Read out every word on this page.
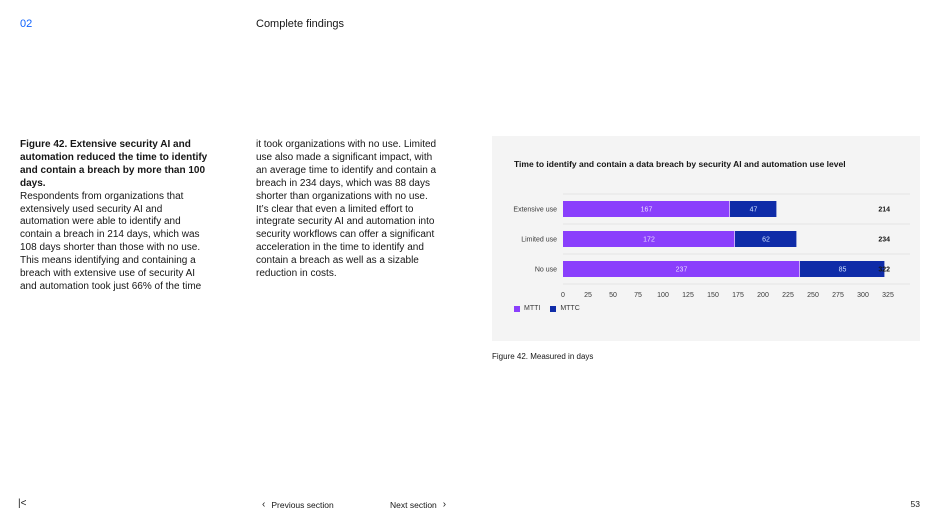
02	Complete findings
Figure 42. Extensive security AI and automation reduced the time to identify and contain a breach by more than 100 days.
Respondents from organizations that extensively used security AI and automation were able to identify and contain a breach in 214 days, which was 108 days shorter than those with no use. This means identifying and containing a breach with extensive use of security AI and automation took just 66% of the time
it took organizations with no use. Limited use also made a significant impact, with an average time to identify and contain a breach in 234 days, which was 88 days shorter than organizations with no use. It’s clear that even a limited effort to integrate security AI and automation into security workflows can offer a significant acceleration in the time to identify and contain a breach as well as a sizable reduction in costs.
Time to identify and contain a data breach by security AI and automation use level
Extensive use	167	47	214
Limited use	172	62	234
No use	237	85	322
0	25 50 75 100 125 150 175 200 225 250 275 300 325
MTTI	MTTC
Figure 42. Measured in days
|<	‹ Previous section	Next section ›	53
